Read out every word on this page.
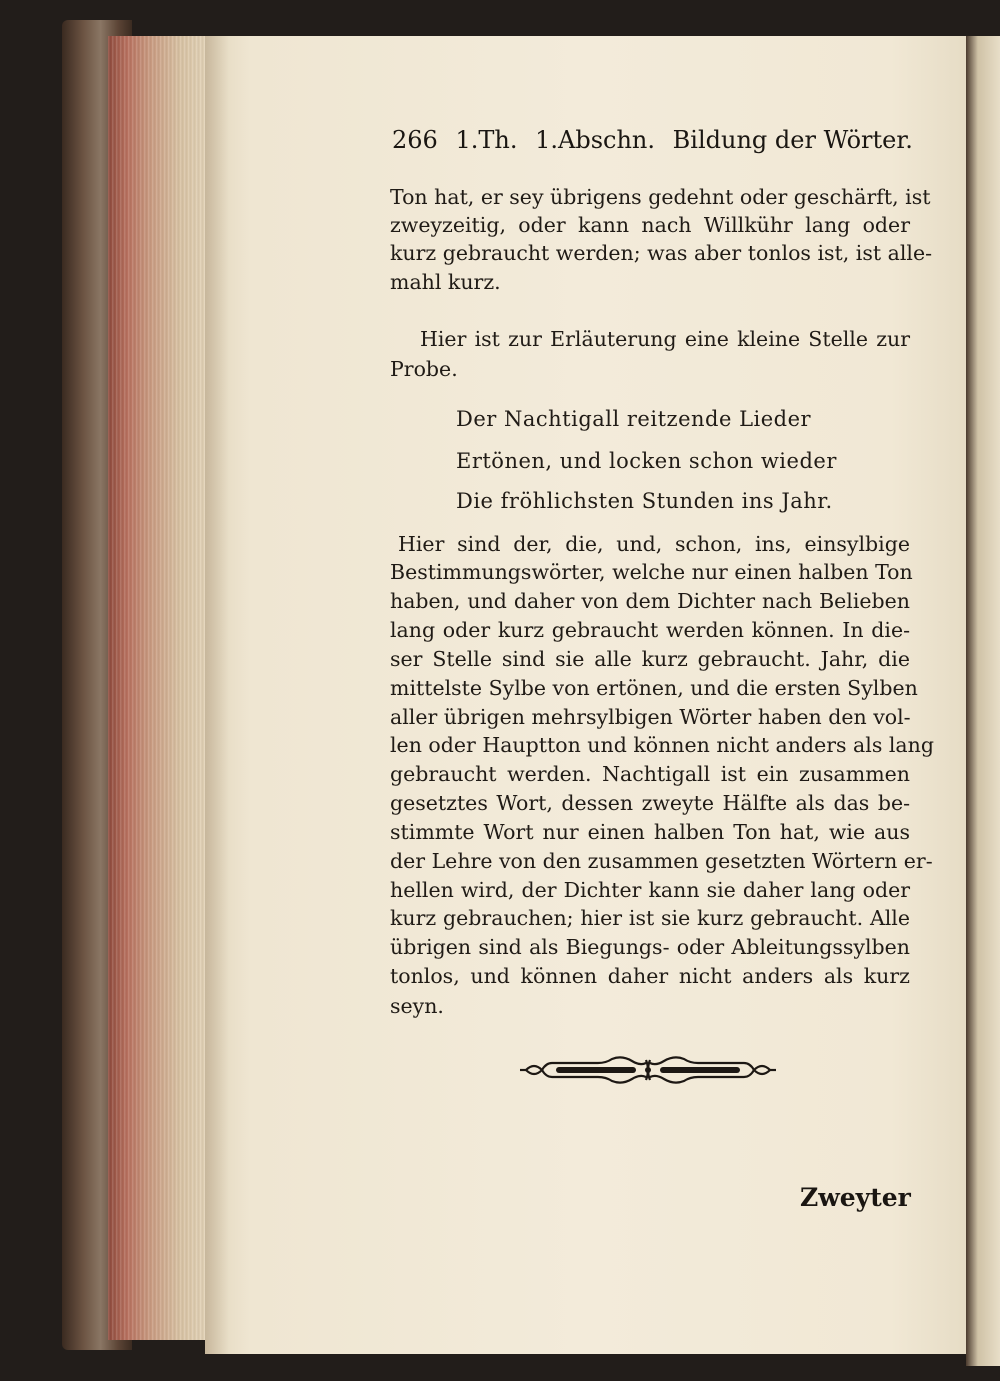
266 1.Th. 1.Abschn. Bildung der Wörter.
Ton hat, er sey übrigens gedehnt oder geschärft, ist
zweyzeitig, oder kann nach Willkühr lang oder
kurz gebraucht werden; was aber tonlos ist, ist alle-
mahl kurz.
Hier ist zur Erläuterung eine kleine Stelle zur
Probe.
Der Nachtigall reitzende Lieder
Ertönen, und locken schon wieder
Die fröhlichsten Stunden ins Jahr.
Hier sind der, die, und, schon, ins, einsylbige
Bestimmungswörter, welche nur einen halben Ton
haben, und daher von dem Dichter nach Belieben
lang oder kurz gebraucht werden können. In die-
ser Stelle sind sie alle kurz gebraucht. Jahr, die
mittelste Sylbe von ertönen, und die ersten Sylben
aller übrigen mehrsylbigen Wörter haben den vol-
len oder Hauptton und können nicht anders als lang
gebraucht werden. Nachtigall ist ein zusammen
gesetztes Wort, dessen zweyte Hälfte als das be-
stimmte Wort nur einen halben Ton hat, wie aus
der Lehre von den zusammen gesetzten Wörtern er-
hellen wird, der Dichter kann sie daher lang oder
kurz gebrauchen; hier ist sie kurz gebraucht. Alle
übrigen sind als Biegungs- oder Ableitungssylben
tonlos, und können daher nicht anders als kurz
seyn.
Zweyter
